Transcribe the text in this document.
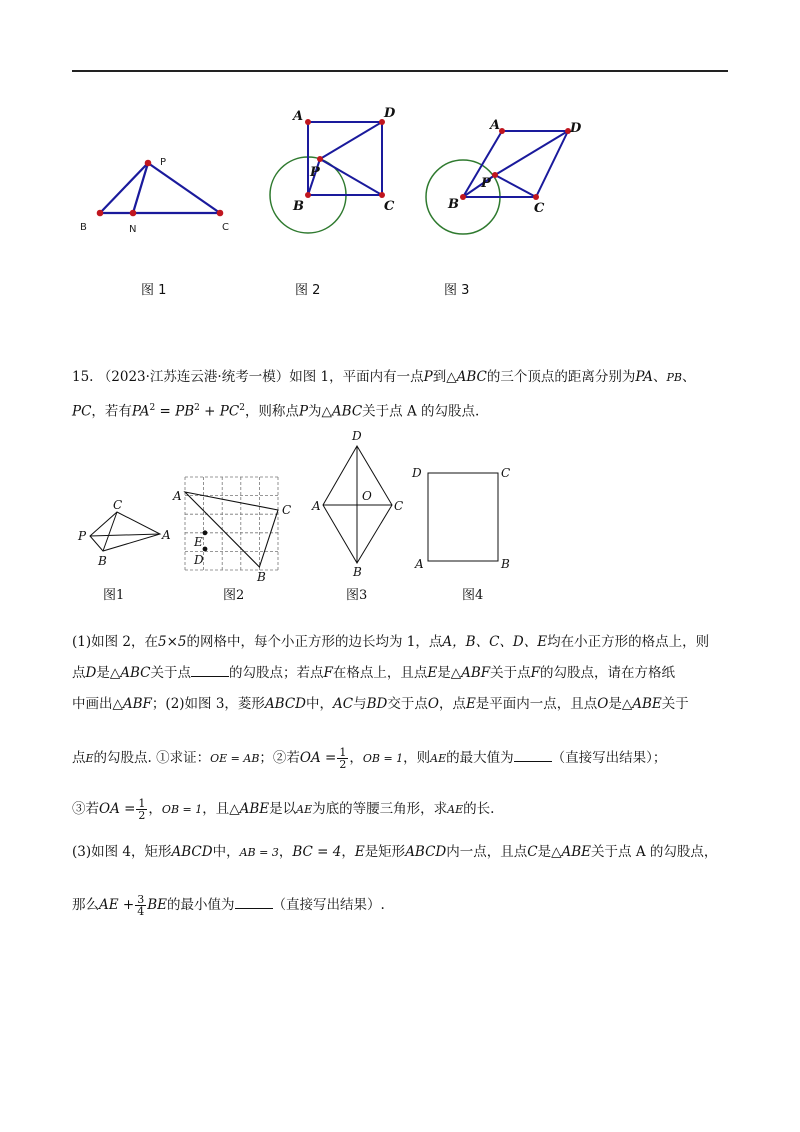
P
B	N	C
图 1
A	D
P
B	C
图 2
A	D
P
B	C
图 3
15. （2023·江苏连云港·统考一模）如图 1，平面内有一点P到△ABC的三个顶点的距离分别为PA、PB、
PC，若有$PA^2 = PB^2 + PC^2$，则称点P为△ABC关于点 A 的勾股点.
C
P	A
B
图1
A
C
E
D
B
图2
D
A
O
C
B
图3
D	C
A	B
图4
(1)如图 2，在5×5的网格中，每个小正方形的边长均为 1，点A，B、C、D、E均在小正方形的格点上，则
点D是△ABC关于点	的勾股点；若点F在格点上，且点E是△ABF关于点F的勾股点，请在方格纸
中画出△ABF；(2)如图 3，菱形ABCD中，AC与BD交于点O，点E是平面内一点，且点O是△ABE关于
点E的勾股点. ①求证：OE = AB；②若OA = $\frac{1}{2}$ ，OB = 1，则AE的最大值为	（直接写出结果）；
③若OA = $\frac{1}{2}$ ，OB = 1，且△ABE是以AE为底的等腰三角形，求AE的长.
(3)如图 4，矩形ABCD中，AB = 3，BC = 4，E是矩形ABCD内一点，且点C是△ABE关于点 A 的勾股点，
那么AE + $\frac{3}{4}$ BE的最小值为	（直接写出结果）.
